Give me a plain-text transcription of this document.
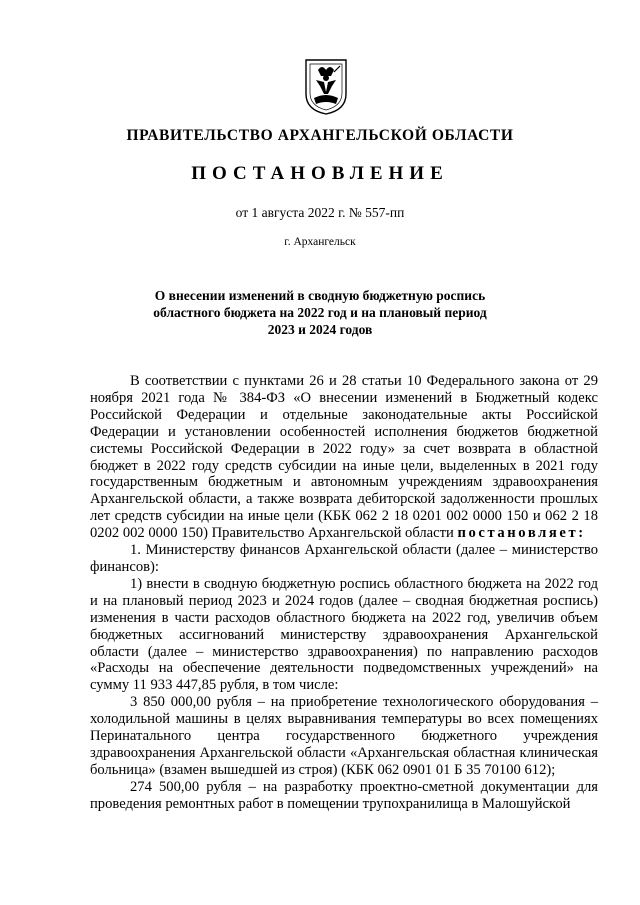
ПРАВИТЕЛЬСТВО АРХАНГЕЛЬСКОЙ ОБЛАСТИ
ПОСТАНОВЛЕНИЕ
от 1 августа 2022 г. № 557-пп
г. Архангельск
О внесении изменений в сводную бюджетную роспись
областного бюджета на 2022 год и на плановый период
2023 и 2024 годов

В соответствии с пунктами 26 и 28 статьи 10 Федерального закона от 29 ноября 2021 года № 384-ФЗ «О внесении изменений в Бюджетный кодекс Российской Федерации и отдельные законодательные акты Российской Федерации и установлении особенностей исполнения бюджетов бюджетной системы Российской Федерации в 2022 году» за счет возврата в областной бюджет в 2022 году средств субсидии на иные цели, выделенных в 2021 году государственным бюджетным и автономным учреждениям здравоохранения Архангельской области, а также возврата дебиторской задолженности прошлых лет средств субсидии на иные цели (КБК 062 2 18 0201 002 0000 150 и 062 2 18 0202 002 0000 150) Правительство Архангельской области постановляет:

1. Министерству финансов Архангельской области (далее – министерство финансов):

1) внести в сводную бюджетную роспись областного бюджета на 2022 год и на плановый период 2023 и 2024 годов (далее – сводная бюджетная роспись) изменения в части расходов областного бюджета на 2022 год, увеличив объем бюджетных ассигнований министерству здравоохранения Архангельской области (далее – министерство здравоохранения) по направлению расходов «Расходы на обеспечение деятельности подведомственных учреждений» на сумму 11 933 447,85 рубля, в том числе:

3 850 000,00 рубля – на приобретение технологического оборудования – холодильной машины в целях выравнивания температуры во всех помещениях Перинатального центра государственного бюджетного учреждения здравоохранения Архангельской области «Архангельская областная клиническая больница» (взамен вышедшей из строя) (КБК 062 0901 01 Б 35 70100 612);

274 500,00 рубля – на разработку проектно-сметной документации для проведения ремонтных работ в помещении трупохранилища в Малошуйской
